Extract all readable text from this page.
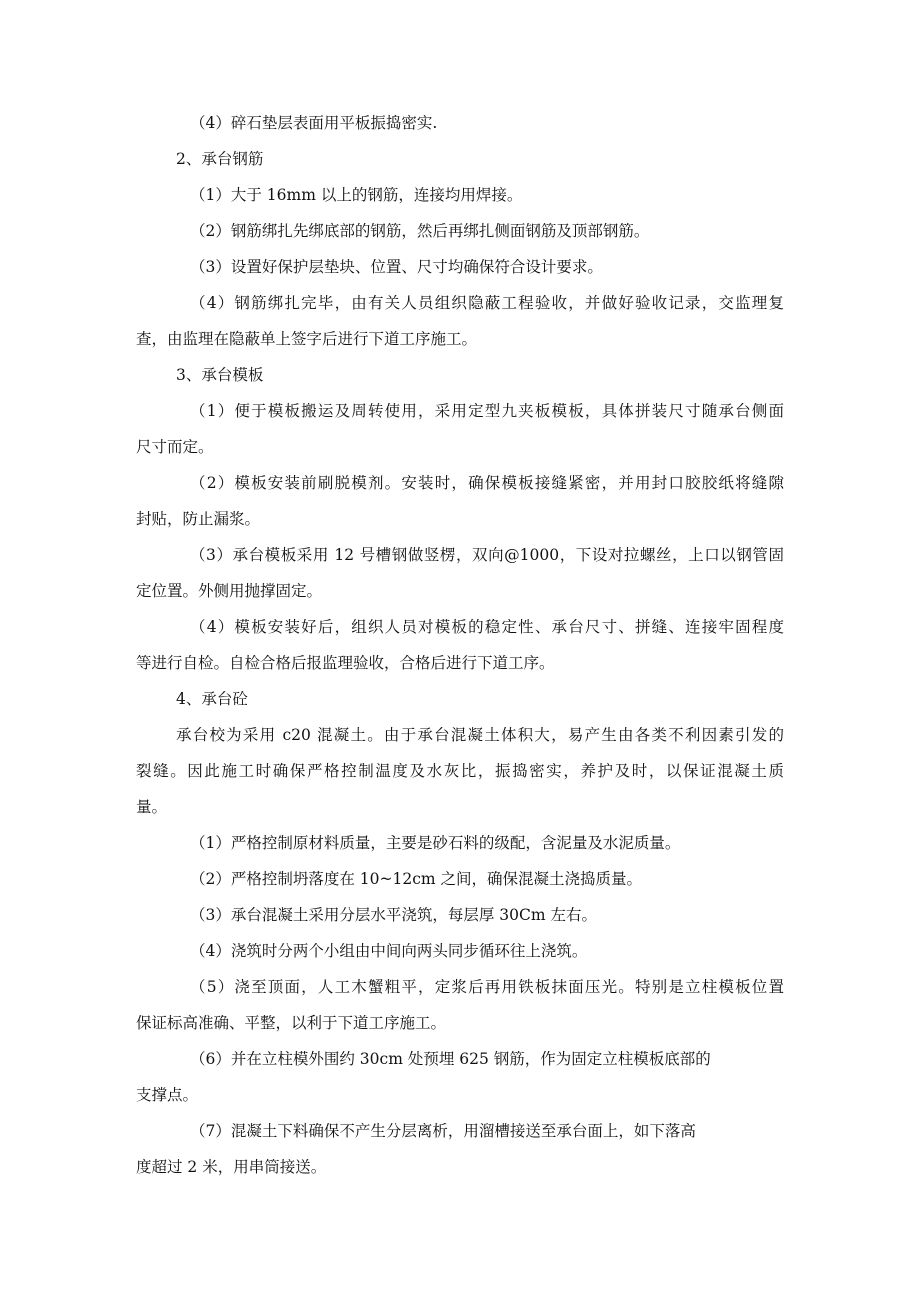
（4）碎石垫层表面用平板振捣密实.

2、承台钢筋

（1）大于 16mm 以上的钢筋，连接均用焊接。

（2）钢筋绑扎先绑底部的钢筋，然后再绑扎侧面钢筋及顶部钢筋。

（3）设置好保护层垫块、位置、尺寸均确保符合设计要求。

（4）钢筋绑扎完毕，由有关人员组织隐蔽工程验收，并做好验收记录，交监理复

查，由监理在隐蔽单上签字后进行下道工序施工。

3、承台模板

（1）便于模板搬运及周转使用，采用定型九夹板模板，具体拼装尺寸随承台侧面

尺寸而定。

（2）模板安装前刷脱模剂。安装时，确保模板接缝紧密，并用封口胶胶纸将缝隙

封贴，防止漏浆。

（3）承台模板采用 12 号槽钢做竖楞，双向@1000，下设对拉螺丝，上口以钢管固

定位置。外侧用抛撑固定。

（4）模板安装好后，组织人员对模板的稳定性、承台尺寸、拼缝、连接牢固程度

等进行自检。自检合格后报监理验收，合格后进行下道工序。

4、承台砼

承台校为采用 c20 混凝土。由于承台混凝土体积大，易产生由各类不利因素引发的

裂缝。因此施工时确保严格控制温度及水灰比，振捣密实，养护及时，以保证混凝土质

量。

（1）严格控制原材料质量，主要是砂石料的级配，含泥量及水泥质量。

（2）严格控制坍落度在 10~12cm 之间，确保混凝土浇捣质量。

（3）承台混凝土采用分层水平浇筑，每层厚 30Cm 左右。

（4）浇筑时分两个小组由中间向两头同步循环往上浇筑。

（5）浇至顶面，人工木蟹粗平，定浆后再用铁板抹面压光。特别是立柱模板位置

保证标高准确、平整，以利于下道工序施工。

（6）并在立柱模外围约 30cm 处预埋 625 钢筋，作为固定立柱模板底部的

支撑点。

（7）混凝土下料确保不产生分层离析，用溜槽接送至承台面上，如下落高

度超过 2 米，用串筒接送。
